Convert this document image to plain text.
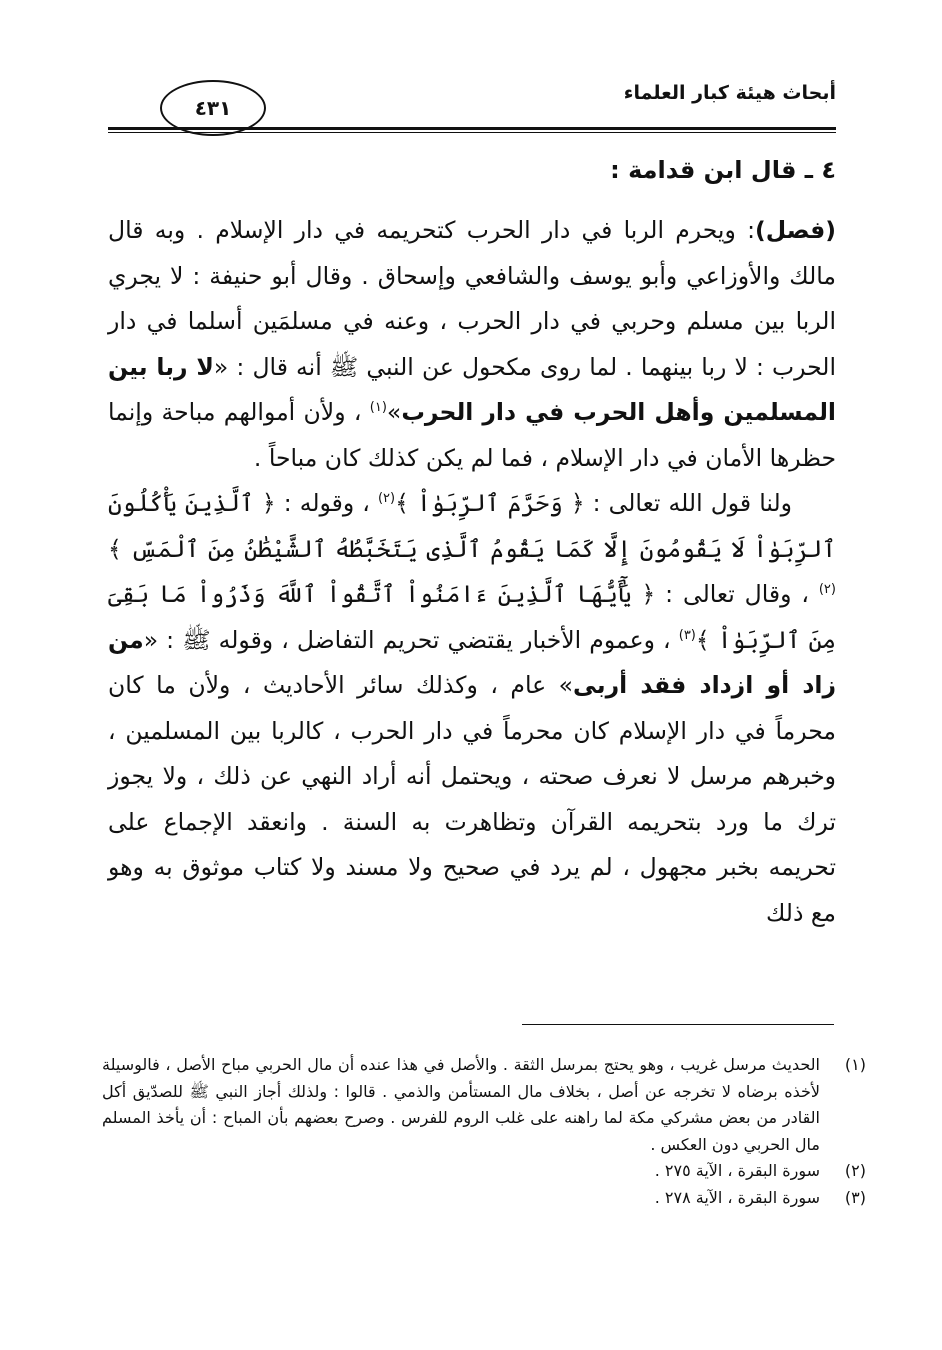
أبحاث هيئة كبار العلماء
٤٣١
٤ ـ قال ابن قدامة :

(فصل): ويحرم الربا في دار الحرب كتحريمه في دار الإسلام . وبه قال مالك والأوزاعي وأبو يوسف والشافعي وإسحاق . وقال أبو حنيفة : لا يجري الربا بين مسلم وحربي في دار الحرب ، وعنه في مسلمَين أسلما في دار الحرب : لا ربا بينهما . لما روى مكحول عن النبي ﷺ أنه قال : «لا ربا بين المسلمين وأهل الحرب في دار الحرب»$^{(١)}$ ، ولأن أموالهم مباحة وإنما حظرها الأمان في دار الإسلام ، فما لم يكن كذلك كان مباحاً .

ولنا قول الله تعالى : ﴿ وَحَرَّمَ ٱلرِّبَوٰاْ ﴾$^{(٢)}$ ، وقوله : ﴿ ٱلَّذِينَ يَأْكُلُونَ ٱلرِّبَوٰاْ لَا يَقُومُونَ إِلَّا كَمَا يَقُومُ ٱلَّذِى يَتَخَبَّطُهُ ٱلشَّيْطَٰنُ مِنَ ٱلْمَسِّ ﴾$^{(٢)}$ ، وقال تعالى : ﴿ يَٰٓأَيُّهَا ٱلَّذِينَ ءَامَنُواْ ٱتَّقُواْ ٱللَّهَ وَذَرُواْ مَا بَقِىَ مِنَ ٱلرِّبَوٰاْ ﴾$^{(٣)}$ ، وعموم الأخبار يقتضي تحريم التفاضل ، وقوله ﷺ : «من زاد أو ازداد فقد أربى» عام ، وكذلك سائر الأحاديث ، ولأن ما كان محرماً في دار الإسلام كان محرماً في دار الحرب ، كالربا بين المسلمين ، وخبرهم مرسل لا نعرف صحته ، ويحتمل أنه أراد النهي عن ذلك ، ولا يجوز ترك ما ورد بتحريمه القرآن وتظاهرت به السنة . وانعقد الإجماع على تحريمه بخبر مجهول ، لم يرد في صحيح ولا مسند ولا كتاب موثوق به وهو مع ذلك

(١)
الحديث مرسل غريب ، وهو يحتج بمرسل الثقة . والأصل في هذا عنده أن مال الحربي مباح الأصل ، فالوسيلة لأخذه برضاه لا تخرجه عن أصل ، بخلاف مال المستأمن والذمي . قالوا : ولذلك أجاز النبي ﷺ للصدّيق أكل القادر من بعض مشركي مكة لما راهنه على غلب الروم للفرس . وصرح بعضهم بأن المباح : أن يأخذ المسلم مال الحربي دون العكس .
(٢)
سورة البقرة ، الآية ٢٧٥ .
(٣)
سورة البقرة ، الآية ٢٧٨ .
